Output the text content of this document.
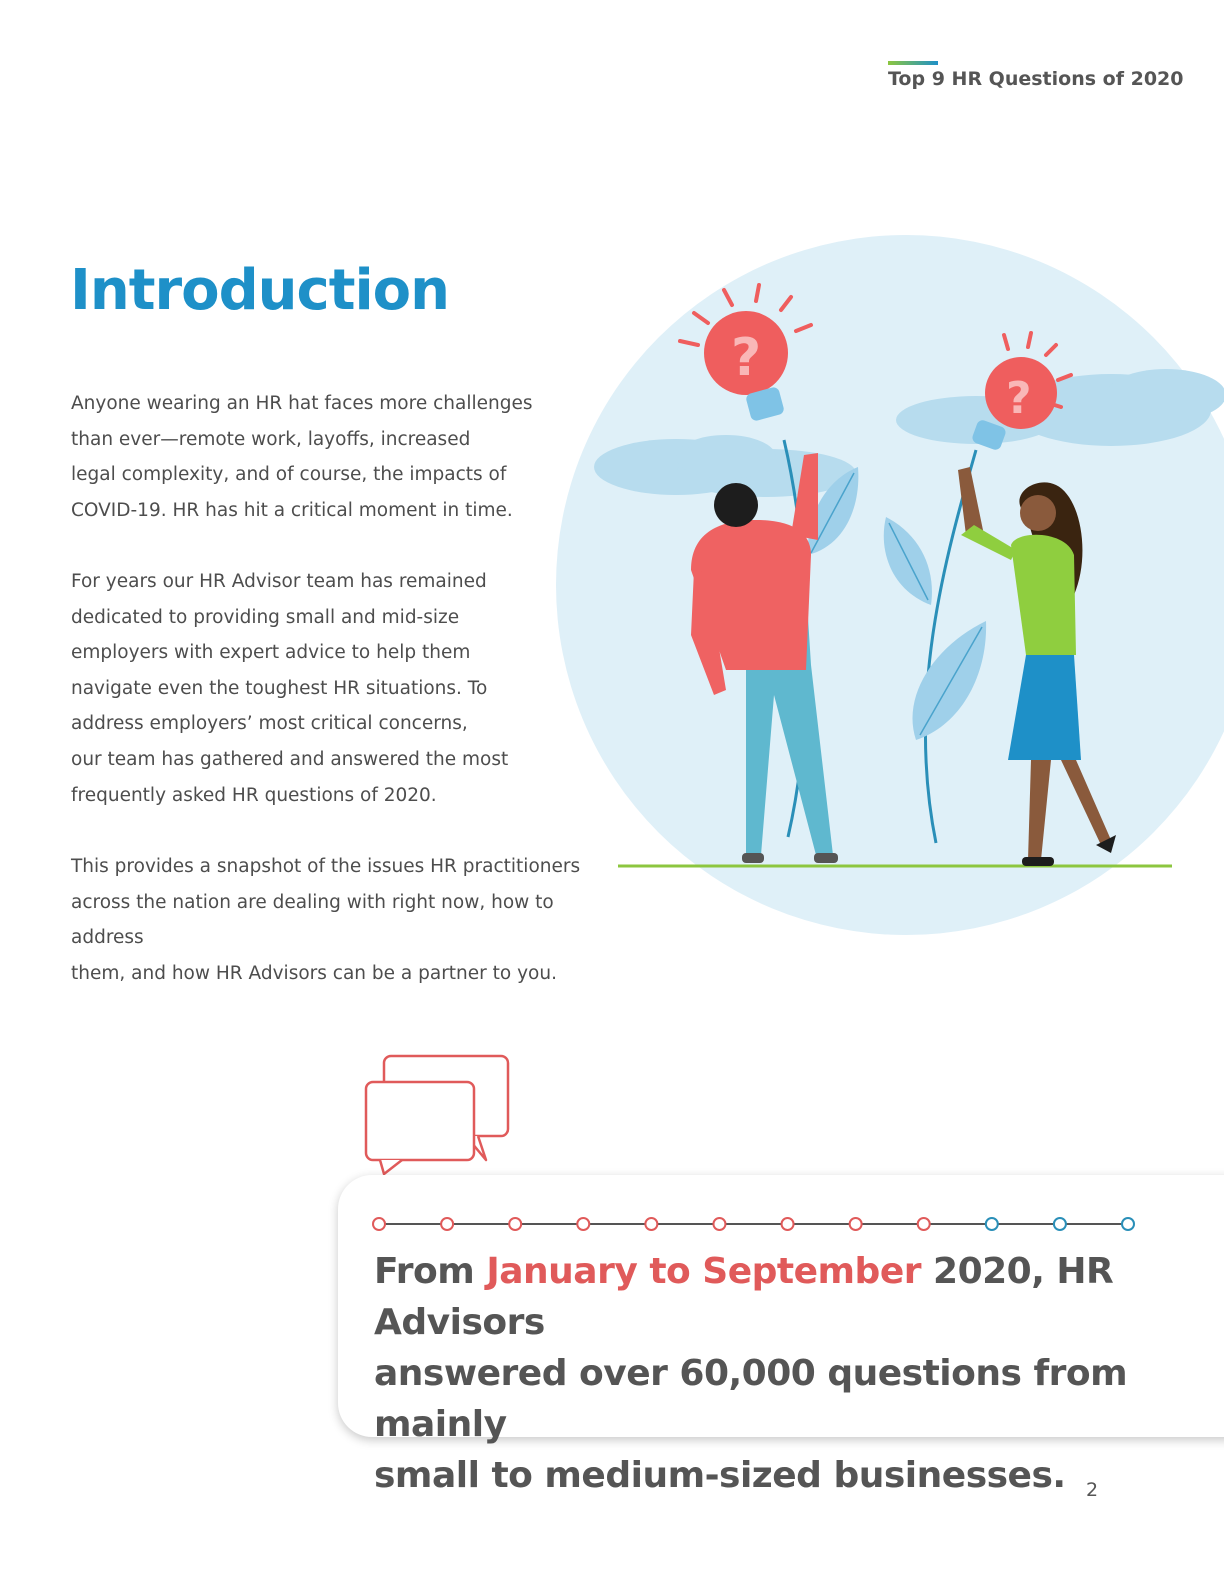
Top 9 HR Questions of 2020
Introduction
Anyone wearing an HR hat faces more challenges
than ever—remote work, layoffs, increased
legal complexity, and of course, the impacts of
COVID-19. HR has hit a critical moment in time.
For years our HR Advisor team has remained
dedicated to providing small and mid-size
employers with expert advice to help them
navigate even the toughest HR situations. To
address employers’ most critical concerns,
our team has gathered and answered the most
frequently asked HR questions of 2020.
This provides a snapshot of the issues HR practitioners
across the nation are dealing with right now, how to address
them, and how HR Advisors can be a partner to you.
?
?
From January to September 2020, HR Advisors
answered over 60,000 questions from mainly
small to medium-sized businesses.	2
